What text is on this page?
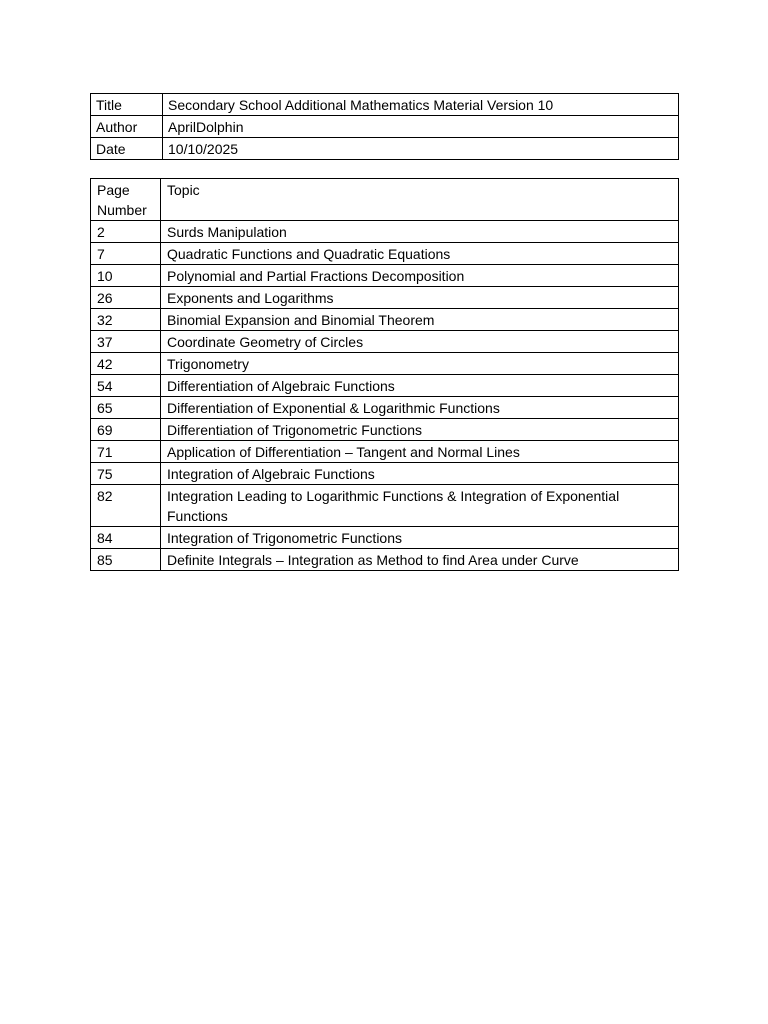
Title	Secondary School Additional Mathematics Material Version 10
Author	AprilDolphin
Date	10/10/2025
Page Number	Topic
2	Surds Manipulation
7	Quadratic Functions and Quadratic Equations
10	Polynomial and Partial Fractions Decomposition
26	Exponents and Logarithms
32	Binomial Expansion and Binomial Theorem
37	Coordinate Geometry of Circles
42	Trigonometry
54	Differentiation of Algebraic Functions
65	Differentiation of Exponential & Logarithmic Functions
69	Differentiation of Trigonometric Functions
71	Application of Differentiation – Tangent and Normal Lines
75	Integration of Algebraic Functions
82	Integration Leading to Logarithmic Functions & Integration of Exponential Functions
84	Integration of Trigonometric Functions
85	Definite Integrals – Integration as Method to find Area under Curve
